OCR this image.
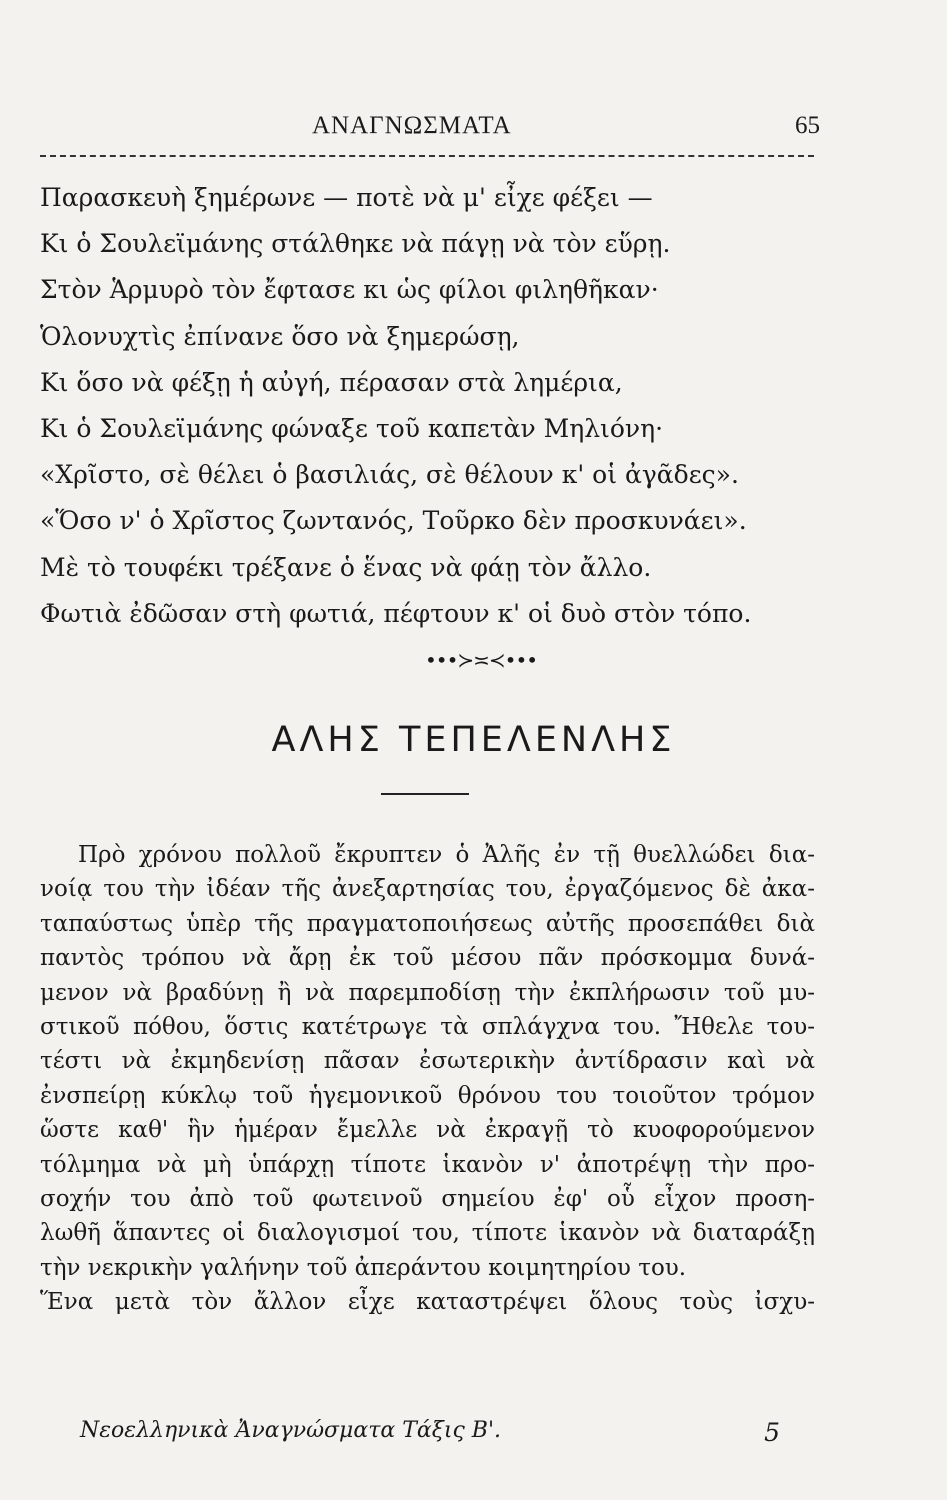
ΑΝΑΓΝΩΣΜΑΤΑ	65
Παρασκευὴ ξημέρωνε — ποτὲ νὰ μ' εἶχε φέξει —
Κι ὁ Σουλεϊμάνης στάλθηκε νὰ πάγῃ νὰ τὸν εὕρῃ.
Στὸν Ἁρμυρὸ τὸν ἔφτασε κι ὡς φίλοι φιληθῆκαν·
Ὁλονυχτὶς ἐπίνανε ὅσο νὰ ξημερώσῃ,
Κι ὅσο νὰ φέξῃ ἡ αὐγή, πέρασαν στὰ λημέρια,
Κι ὁ Σουλεϊμάνης φώναξε τοῦ καπετὰν Μηλιόνη·
«Χρῖστο, σὲ θέλει ὁ βασιλιάς, σὲ θέλουν κ' οἱ ἀγᾶδες».
«Ὅσο ν' ὁ Χρῖστος ζωντανός, Τοῦρκο δὲν προσκυνάει».
Μὲ τὸ τουφέκι τρέξανε ὁ ἕνας νὰ φάῃ τὸν ἄλλο.
Φωτιὰ ἐδῶσαν στὴ φωτιά, πέφτουν κ' οἱ δυὸ στὸν τόπο.
•••≻≍≺•••
ΑΛΗΣ ΤΕΠΕΛΕΝΛΗΣ
Πρὸ χρόνου πολλοῦ ἔκρυπτεν ὁ Ἀλῆς ἐν τῇ θυελλώδει δια-
νοίᾳ του τὴν ἰδέαν τῆς ἀνεξαρτησίας του, ἐργαζόμενος δὲ ἀκα-
ταπαύστως ὑπὲρ τῆς πραγματοποιήσεως αὐτῆς προσεπάθει διὰ
παντὸς τρόπου νὰ ἄρῃ ἐκ τοῦ μέσου πᾶν πρόσκομμα δυνά-
μενον νὰ βραδύνῃ ἢ νὰ παρεμποδίσῃ τὴν ἐκπλήρωσιν τοῦ μυ-
στικοῦ πόθου, ὅστις κατέτρωγε τὰ σπλάγχνα του. Ἤθελε του-
τέστι νὰ ἐκμηδενίσῃ πᾶσαν ἐσωτερικὴν ἀντίδρασιν καὶ νὰ
ἐνσπείρῃ κύκλῳ τοῦ ἡγεμονικοῦ θρόνου του τοιοῦτον τρόμον
ὥστε καθ' ἣν ἡμέραν ἔμελλε νὰ ἐκραγῇ τὸ κυοφορούμενον
τόλμημα νὰ μὴ ὑπάρχῃ τίποτε ἱκανὸν ν' ἀποτρέψῃ τὴν προ-
σοχήν του ἀπὸ τοῦ φωτεινοῦ σημείου ἐφ' οὗ εἶχον προση-
λωθῆ ἅπαντες οἱ διαλογισμοί του, τίποτε ἱκανὸν νὰ διαταράξῃ
τὴν νεκρικὴν γαλήνην τοῦ ἀπεράντου κοιμητηρίου του.
Ἕνα μετὰ τὸν ἄλλον εἶχε καταστρέψει ὅλους τοὺς ἰσχυ-
Νεοελληνικὰ Ἀναγνώσματα Τάξις Β'.	5
